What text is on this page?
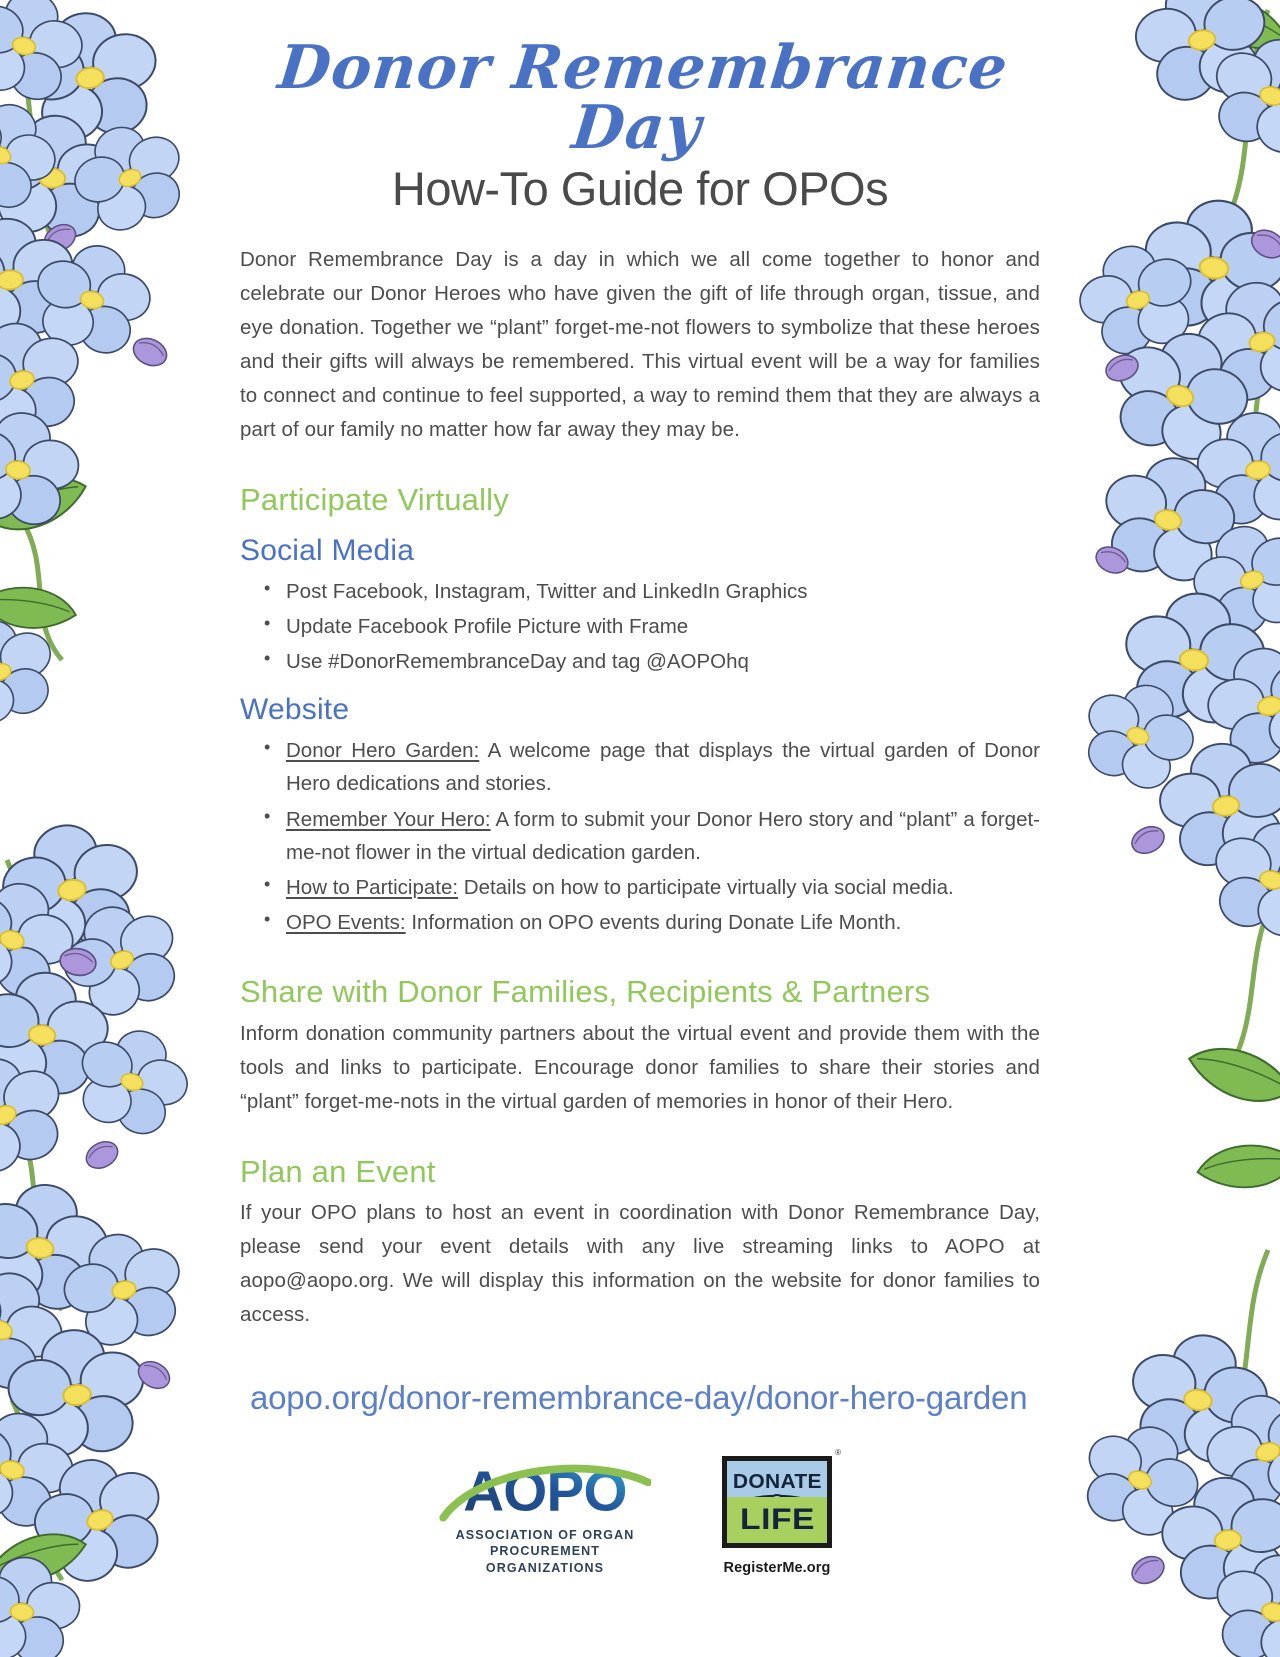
Donor Remembrance Day
How-To Guide for OPOs

Donor Remembrance Day is a day in which we all come together to honor and celebrate our Donor Heroes who have given the gift of life through organ, tissue, and eye donation. Together we “plant” forget-me-not flowers to symbolize that these heroes and their gifts will always be remembered. This virtual event will be a way for families to connect and continue to feel supported, a way to remind them that they are always a part of our family no matter how far away they may be.

Participate Virtually
Social Media
• Post Facebook, Instagram, Twitter and LinkedIn Graphics
• Update Facebook Profile Picture with Frame
• Use #DonorRemembranceDay and tag @AOPOhq
Website
• Donor Hero Garden: A welcome page that displays the virtual garden of Donor Hero dedications and stories.
• Remember Your Hero: A form to submit your Donor Hero story and “plant” a forget-me-not flower in the virtual dedication garden.
• How to Participate: Details on how to participate virtually via social media.
• OPO Events: Information on OPO events during Donate Life Month.
Share with Donor Families, Recipients & Partners

Inform donation community partners about the virtual event and provide them with the tools and links to participate. Encourage donor families to share their stories and “plant” forget-me-nots in the virtual garden of memories in honor of their Hero.

Plan an Event

If your OPO plans to host an event in coordination with Donor Remembrance Day, please send your event details with any live streaming links to AOPO at aopo@aopo.org. We will display this information on the website for donor families to access.

aopo.org/donor-remembrance-day/donor-hero-garden
AOPO
ASSOCIATION OF ORGAN
PROCUREMENT ORGANIZATIONS
DONATE
LIFE
®
RegisterMe.org
